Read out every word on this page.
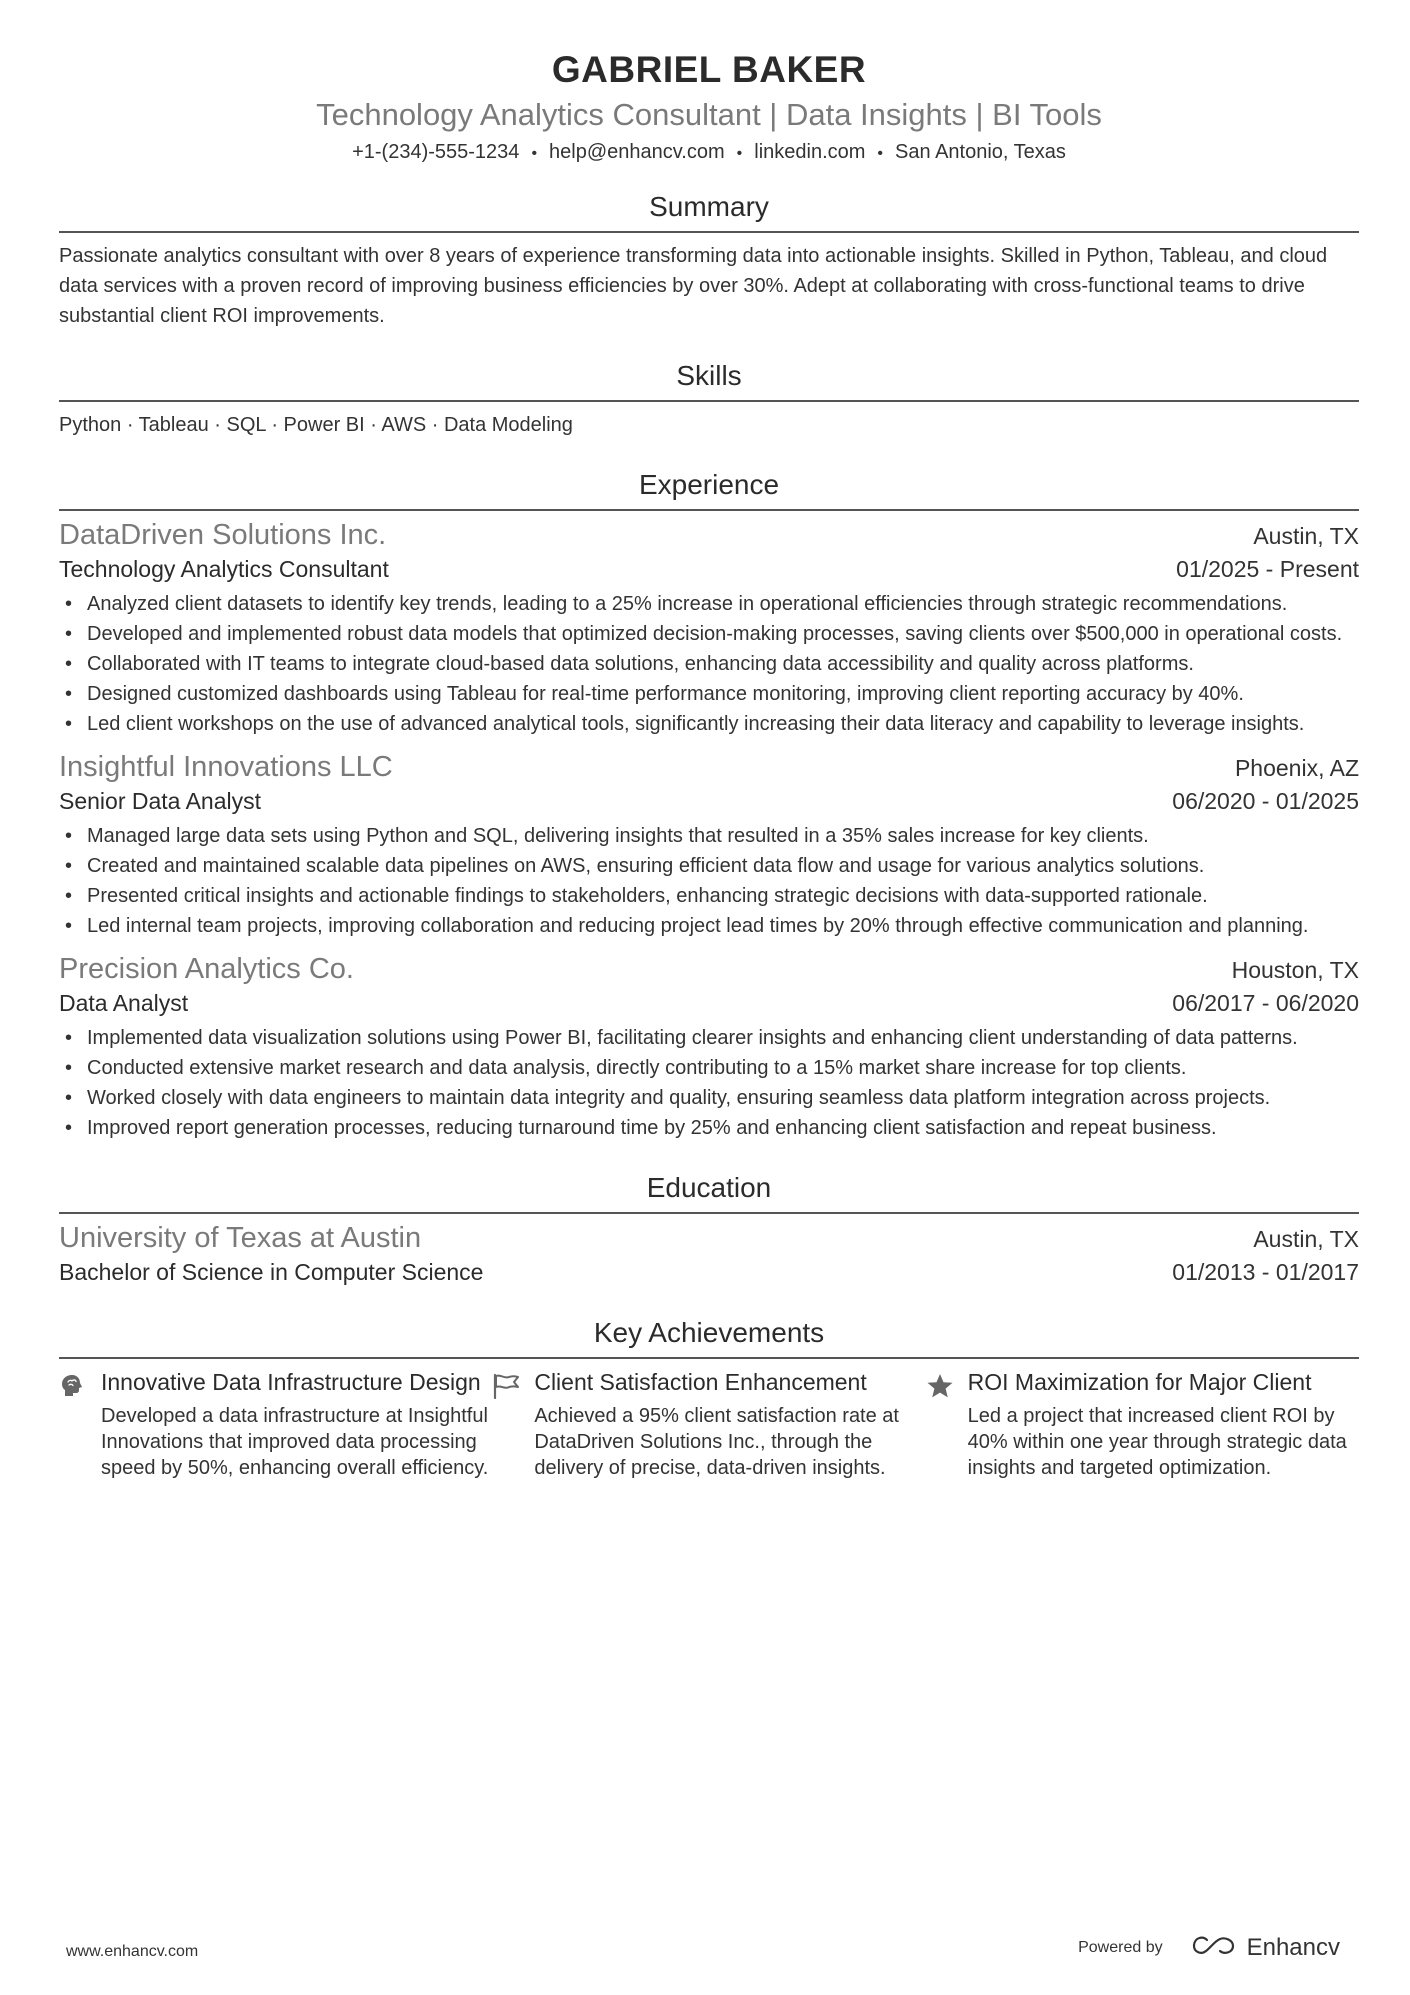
GABRIEL BAKER
Technology Analytics Consultant | Data Insights | BI Tools
+1-(234)-555-1234 • help@enhancv.com • linkedin.com • San Antonio, Texas
Summary
Passionate analytics consultant with over 8 years of experience transforming data into actionable insights. Skilled in Python, Tableau, and cloud data services with a proven record of improving business efficiencies by over 30%. Adept at collaborating with cross-functional teams to drive substantial client ROI improvements.
Skills
Python · Tableau · SQL · Power BI · AWS · Data Modeling
Experience
DataDriven Solutions Inc.	Austin, TX
Technology Analytics Consultant	01/2025 - Present
• Analyzed client datasets to identify key trends, leading to a 25% increase in operational efficiencies through strategic recommendations.
• Developed and implemented robust data models that optimized decision-making processes, saving clients over $500,000 in operational costs.
• Collaborated with IT teams to integrate cloud-based data solutions, enhancing data accessibility and quality across platforms.
• Designed customized dashboards using Tableau for real-time performance monitoring, improving client reporting accuracy by 40%.
• Led client workshops on the use of advanced analytical tools, significantly increasing their data literacy and capability to leverage insights.
Insightful Innovations LLC	Phoenix, AZ
Senior Data Analyst	06/2020 - 01/2025
• Managed large data sets using Python and SQL, delivering insights that resulted in a 35% sales increase for key clients.
• Created and maintained scalable data pipelines on AWS, ensuring efficient data flow and usage for various analytics solutions.
• Presented critical insights and actionable findings to stakeholders, enhancing strategic decisions with data-supported rationale.
• Led internal team projects, improving collaboration and reducing project lead times by 20% through effective communication and planning.
Precision Analytics Co.	Houston, TX
Data Analyst	06/2017 - 06/2020
• Implemented data visualization solutions using Power BI, facilitating clearer insights and enhancing client understanding of data patterns.
• Conducted extensive market research and data analysis, directly contributing to a 15% market share increase for top clients.
• Worked closely with data engineers to maintain data integrity and quality, ensuring seamless data platform integration across projects.
• Improved report generation processes, reducing turnaround time by 25% and enhancing client satisfaction and repeat business.
Education
University of Texas at Austin	Austin, TX
Bachelor of Science in Computer Science	01/2013 - 01/2017
Key Achievements
Innovative Data Infrastructure Design
Developed a data infrastructure at Insightful Innovations that improved data processing speed by 50%, enhancing overall efficiency.
Client Satisfaction Enhancement
Achieved a 95% client satisfaction rate at DataDriven Solutions Inc., through the delivery of precise, data-driven insights.
ROI Maximization for Major Client
Led a project that increased client ROI by 40% within one year through strategic data insights and targeted optimization.
www.enhancv.com	Powered by	Enhancv
